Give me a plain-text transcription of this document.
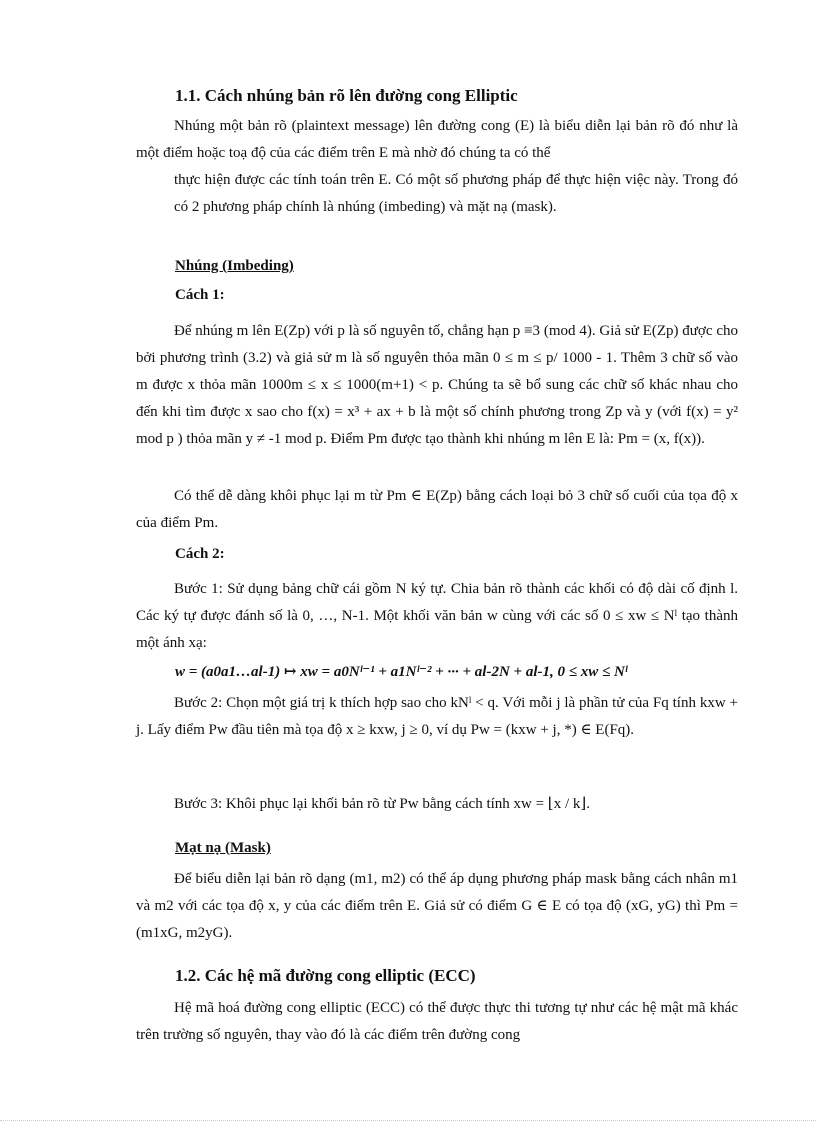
1.1. Cách nhúng bản rõ lên đường cong Elliptic
Nhúng một bản rõ (plaintext message) lên đường cong (E) là biểu diễn lại bản rõ đó như là một điểm hoặc toạ độ của các điểm trên E mà nhờ đó chúng ta có thể
thực hiện được các tính toán trên E. Có một số phương pháp để thực hiện việc này. Trong đó có 2 phương pháp chính là nhúng (imbeding) và mặt nạ (mask).
Nhúng (Imbeding)
Cách 1:
Để nhúng m lên E(Zp) với p là số nguyên tố, chẳng hạn p ≡3 (mod 4). Giả sử E(Zp) được cho bởi phương trình (3.2) và giả sử m là số nguyên thỏa mãn 0 ≤ m ≤ p/ 1000 - 1. Thêm 3 chữ số vào m được x thỏa mãn 1000m ≤ x ≤ 1000(m+1) < p. Chúng ta sẽ bổ sung các chữ số khác nhau cho đến khi tìm được x sao cho f(x) = x³ + ax + b là một số chính phương trong Zp và y (với f(x) = y² mod p ) thỏa mãn y ≠ -1 mod p. Điểm Pm được tạo thành khi nhúng m lên E là: Pm = (x, f(x)).
Có thể dễ dàng khôi phục lại m từ Pm ∈ E(Zp) bằng cách loại bỏ 3 chữ số cuối của tọa độ x của điểm Pm.
Cách 2:
Bước 1: Sử dụng bảng chữ cái gồm N ký tự. Chia bản rõ thành các khối có độ dài cố định l. Các ký tự được đánh số là 0, …, N-1. Một khối văn bản w cùng với các số 0 ≤ xw ≤ Nˡ tạo thành một ánh xạ:
w = (a0a1…al-1) ↦ xw = a0Nˡ⁻¹ + a1Nˡ⁻² + ··· + al-2N + al-1, 0 ≤ xw ≤ Nˡ
Bước 2: Chọn một giá trị k thích hợp sao cho kNˡ < q. Với mỗi j là phần tử của Fq tính kxw + j. Lấy điểm Pw đầu tiên mà tọa độ x ≥ kxw, j ≥ 0, ví dụ Pw = (kxw + j, *) ∈ E(Fq).
Bước 3: Khôi phục lại khối bản rõ từ Pw bằng cách tính xw = ⌊x / k⌋.
Mạt nạ (Mask)
Để biểu diễn lại bản rõ dạng (m1, m2) có thể áp dụng phương pháp mask bằng cách nhân m1 và m2 với các tọa độ x, y của các điểm trên E. Giả sử có điểm G ∈ E có tọa độ (xG, yG) thì Pm = (m1xG, m2yG).
1.2. Các hệ mã đường cong elliptic (ECC)
Hệ mã hoá đường cong elliptic (ECC) có thể được thực thi tương tự như các hệ mật mã khác trên trường số nguyên, thay vào đó là các điểm trên đường cong
